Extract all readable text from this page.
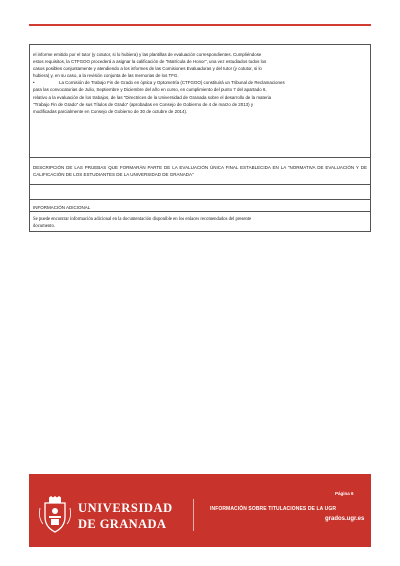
el informe emitido por el tutor (y cotutor, si lo hubiera) y las plantillas de evaluación correspondientes. Cumpliéndose

estos requisitos, la CTFGOO procederá a asignar la calificación de "Matrícula de Honor", una vez estudiados todos los

casos posibles conjuntamente y atendiendo a los informes de las Comisiones Evaluadoras y del tutor (y cotutor, si lo

hubiera) y, en su caso, a la revisión conjunta de las memorias de los TFG.

•	La Comisión de Trabajo Fin de Grado en óptica y Optometría (CTFGOO) constituirá un Tribunal de Reclamaciones

para las convocatorias de Julio, Septiembre y Diciembre del año en curso, en cumplimiento del punto 7 del apartado 6,

relativo a la evaluación de los trabajos, de las "Directrices de la Universidad de Granada sobre el desarrollo de la materia

"Trabajo Fin de Grado" de sus Títulos de Grado" (aprobadas en Consejo de Gobierno de 4 de marzo de 2013) y

modificadas parcialmente en Consejo de Gobierno de 30 de octubre de 2014).

DESCRIPCIÓN DE LAS PRUEBAS QUE FORMARÁN PARTE DE LA EVALUACIÓN ÚNICA FINAL ESTABLECIDA EN LA "NORMATIVA DE EVALUACIÓN Y DE CALIFICACIÓN DE LOS ESTUDIANTES DE LA UNIVERSIDAD DE GRANADA"
INFORMACIÓN ADICIONAL
Se puede encontrar información adicional en la documentación disponible en los enlaces recomendados del presente
documento.
UNIVERSIDAD
DE GRANADA
Página 6
INFORMACIÓN SOBRE TITULACIONES DE LA UGR
grados.ugr.es
